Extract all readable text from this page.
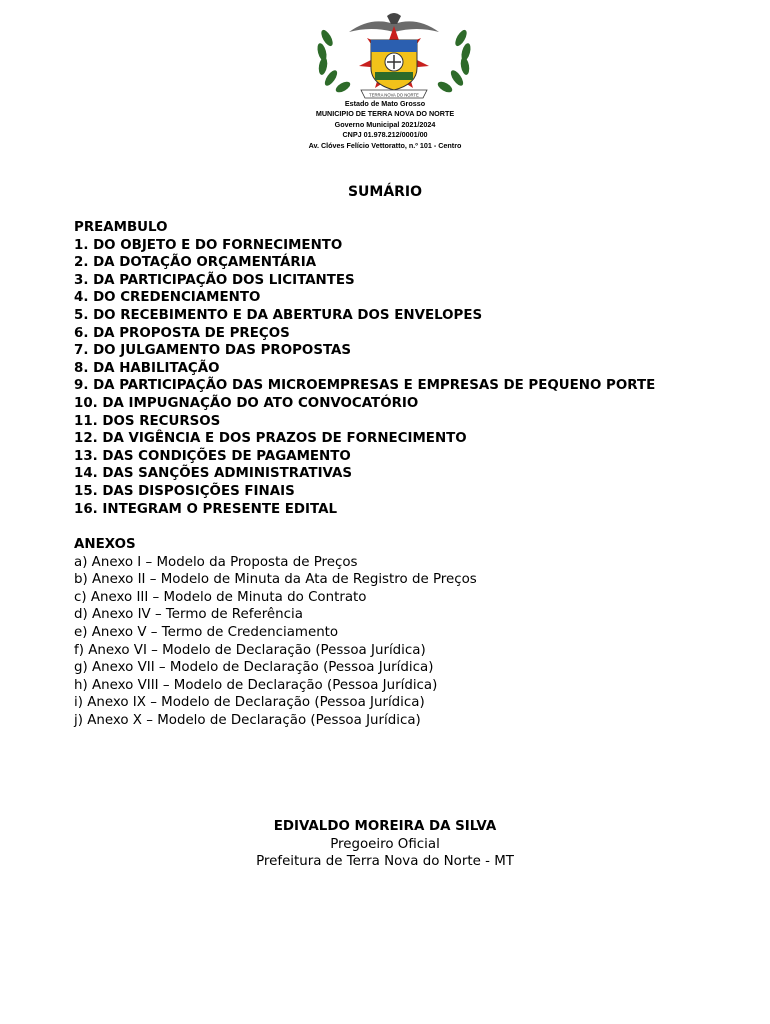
TERRA NOVA DO NORTE
Estado de Mato Grosso
MUNICIPIO DE TERRA NOVA DO NORTE
Governo Municipal 2021/2024
CNPJ 01.978.212/0001/00
Av. Clóves Felício Vettoratto, n.º 101 - Centro
SUMÁRIO
PREAMBULO
1. DO OBJETO E DO FORNECIMENTO
2. DA DOTAÇÃO ORÇAMENTÁRIA
3. DA PARTICIPAÇÃO DOS LICITANTES
4. DO CREDENCIAMENTO
5. DO RECEBIMENTO E DA ABERTURA DOS ENVELOPES
6. DA PROPOSTA DE PREÇOS
7. DO JULGAMENTO DAS PROPOSTAS
8. DA HABILITAÇÃO
9. DA PARTICIPAÇÃO DAS MICROEMPRESAS E EMPRESAS DE PEQUENO PORTE
10. DA IMPUGNAÇÃO DO ATO CONVOCATÓRIO
11. DOS RECURSOS
12. DA VIGÊNCIA E DOS PRAZOS DE FORNECIMENTO
13. DAS CONDIÇÕES DE PAGAMENTO
14. DAS SANÇÕES ADMINISTRATIVAS
15. DAS DISPOSIÇÕES FINAIS
16. INTEGRAM O PRESENTE EDITAL
ANEXOS
a) Anexo I – Modelo da Proposta de Preços
b) Anexo II – Modelo de Minuta da Ata de Registro de Preços
c) Anexo III – Modelo de Minuta do Contrato
d) Anexo IV – Termo de Referência
e) Anexo V – Termo de Credenciamento
f) Anexo VI – Modelo de Declaração (Pessoa Jurídica)
g) Anexo VII – Modelo de Declaração (Pessoa Jurídica)
h) Anexo VIII – Modelo de Declaração (Pessoa Jurídica)
i) Anexo IX – Modelo de Declaração (Pessoa Jurídica)
j) Anexo X – Modelo de Declaração (Pessoa Jurídica)
EDIVALDO MOREIRA DA SILVA
Pregoeiro Oficial
Prefeitura de Terra Nova do Norte - MT
